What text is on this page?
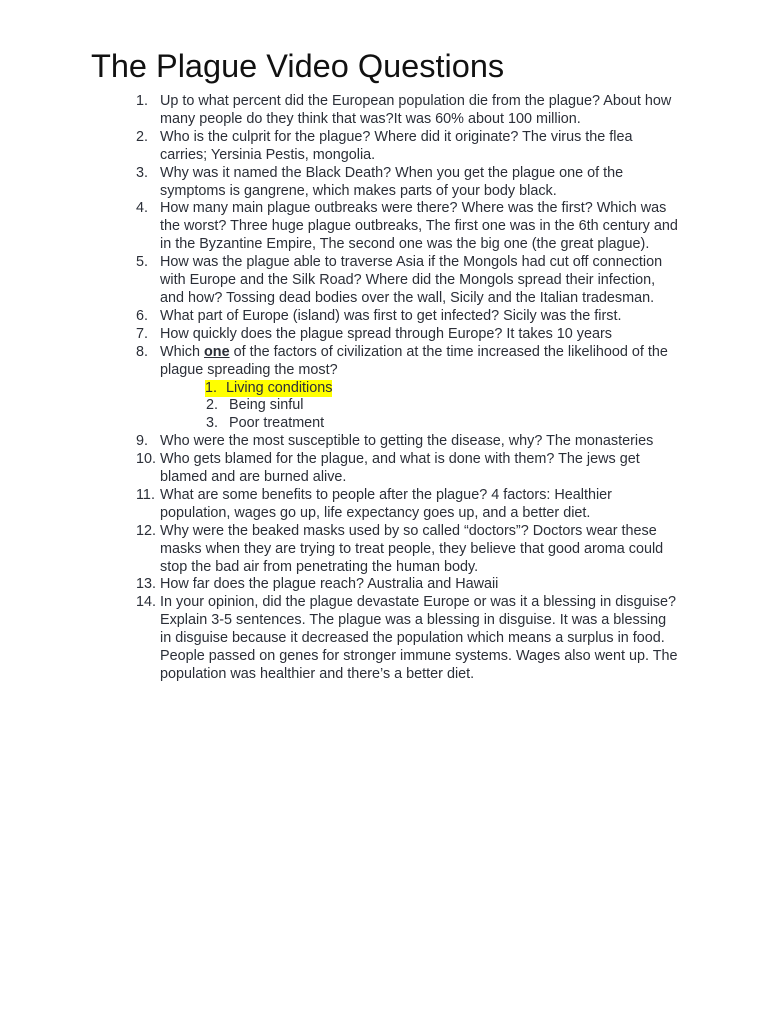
The Plague Video Questions
1. Up to what percent did the European population die from the plague? About how many people do they think that was?It was 60% about 100 million.
2. Who is the culprit for the plague? Where did it originate? The virus the flea carries; Yersinia Pestis, mongolia.
3. Why was it named the Black Death? When you get the plague one of the symptoms is gangrene, which makes parts of your body black.
4. How many main plague outbreaks were there? Where was the first? Which was the worst? Three huge plague outbreaks, The first one was in the 6th century and in the Byzantine Empire, The second one was the big one (the great plague).
5. How was the plague able to traverse Asia if the Mongols had cut off connection with Europe and the Silk Road? Where did the Mongols spread their infection, and how? Tossing dead bodies over the wall, Sicily and the Italian tradesman.
6. What part of Europe (island) was first to get infected? Sicily was the first.
7. How quickly does the plague spread through Europe? It takes 10 years
8. Which one of the factors of civilization at the time increased the likelihood of the plague spreading the most?
1. Living conditions
2. Being sinful
3. Poor treatment
9. Who were the most susceptible to getting the disease, why? The monasteries
10. Who gets blamed for the plague, and what is done with them? The jews get blamed and are burned alive.
11. What are some benefits to people after the plague? 4 factors: Healthier population, wages go up, life expectancy goes up, and a better diet.
12. Why were the beaked masks used by so called “doctors”? Doctors wear these masks when they are trying to treat people, they believe that good aroma could stop the bad air from penetrating the human body.
13. How far does the plague reach? Australia and Hawaii
14. In your opinion, did the plague devastate Europe or was it a blessing in disguise? Explain 3-5 sentences. The plague was a blessing in disguise. It was a blessing in disguise because it decreased the population which means a surplus in food. People passed on genes for stronger immune systems. Wages also went up. The population was healthier and there’s a better diet.
